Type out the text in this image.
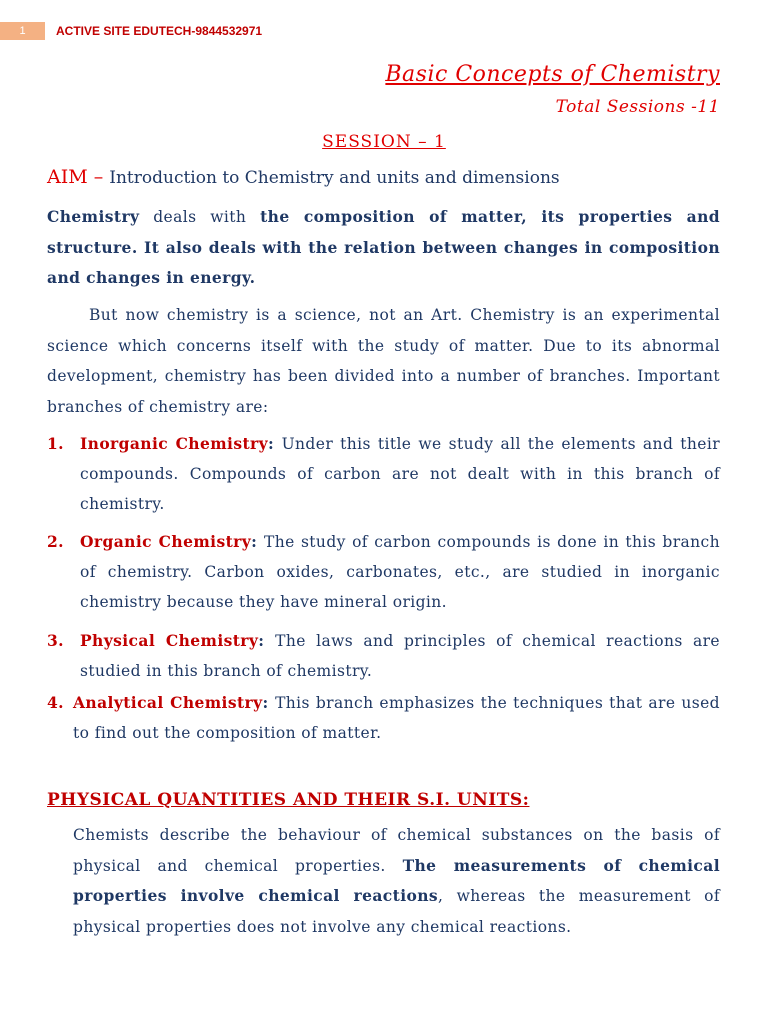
1	ACTIVE SITE EDUTECH-9844532971
Basic Concepts of Chemistry
Total Sessions -11
SESSION – 1
AIM – Introduction to Chemistry and units and dimensions
Chemistry deals with the composition of matter, its properties and structure. It also deals with the relation between changes in composition and changes in energy.
But now chemistry is a science, not an Art. Chemistry is an experimental science which concerns itself with the study of matter. Due to its abnormal development, chemistry has been divided into a number of branches. Important branches of chemistry are:
1. Inorganic Chemistry: Under this title we study all the elements and their compounds. Compounds of carbon are not dealt with in this branch of chemistry.
2. Organic Chemistry: The study of carbon compounds is done in this branch of chemistry. Carbon oxides, carbonates, etc., are studied in inorganic chemistry because they have mineral origin.
3. Physical Chemistry: The laws and principles of chemical reactions are studied in this branch of chemistry.
4. Analytical Chemistry: This branch emphasizes the techniques that are used to find out the composition of matter.
PHYSICAL QUANTITIES AND THEIR S.I. UNITS:
Chemists describe the behaviour of chemical substances on the basis of physical and chemical properties. The measurements of chemical properties involve chemical reactions, whereas the measurement of physical properties does not involve any chemical reactions.
